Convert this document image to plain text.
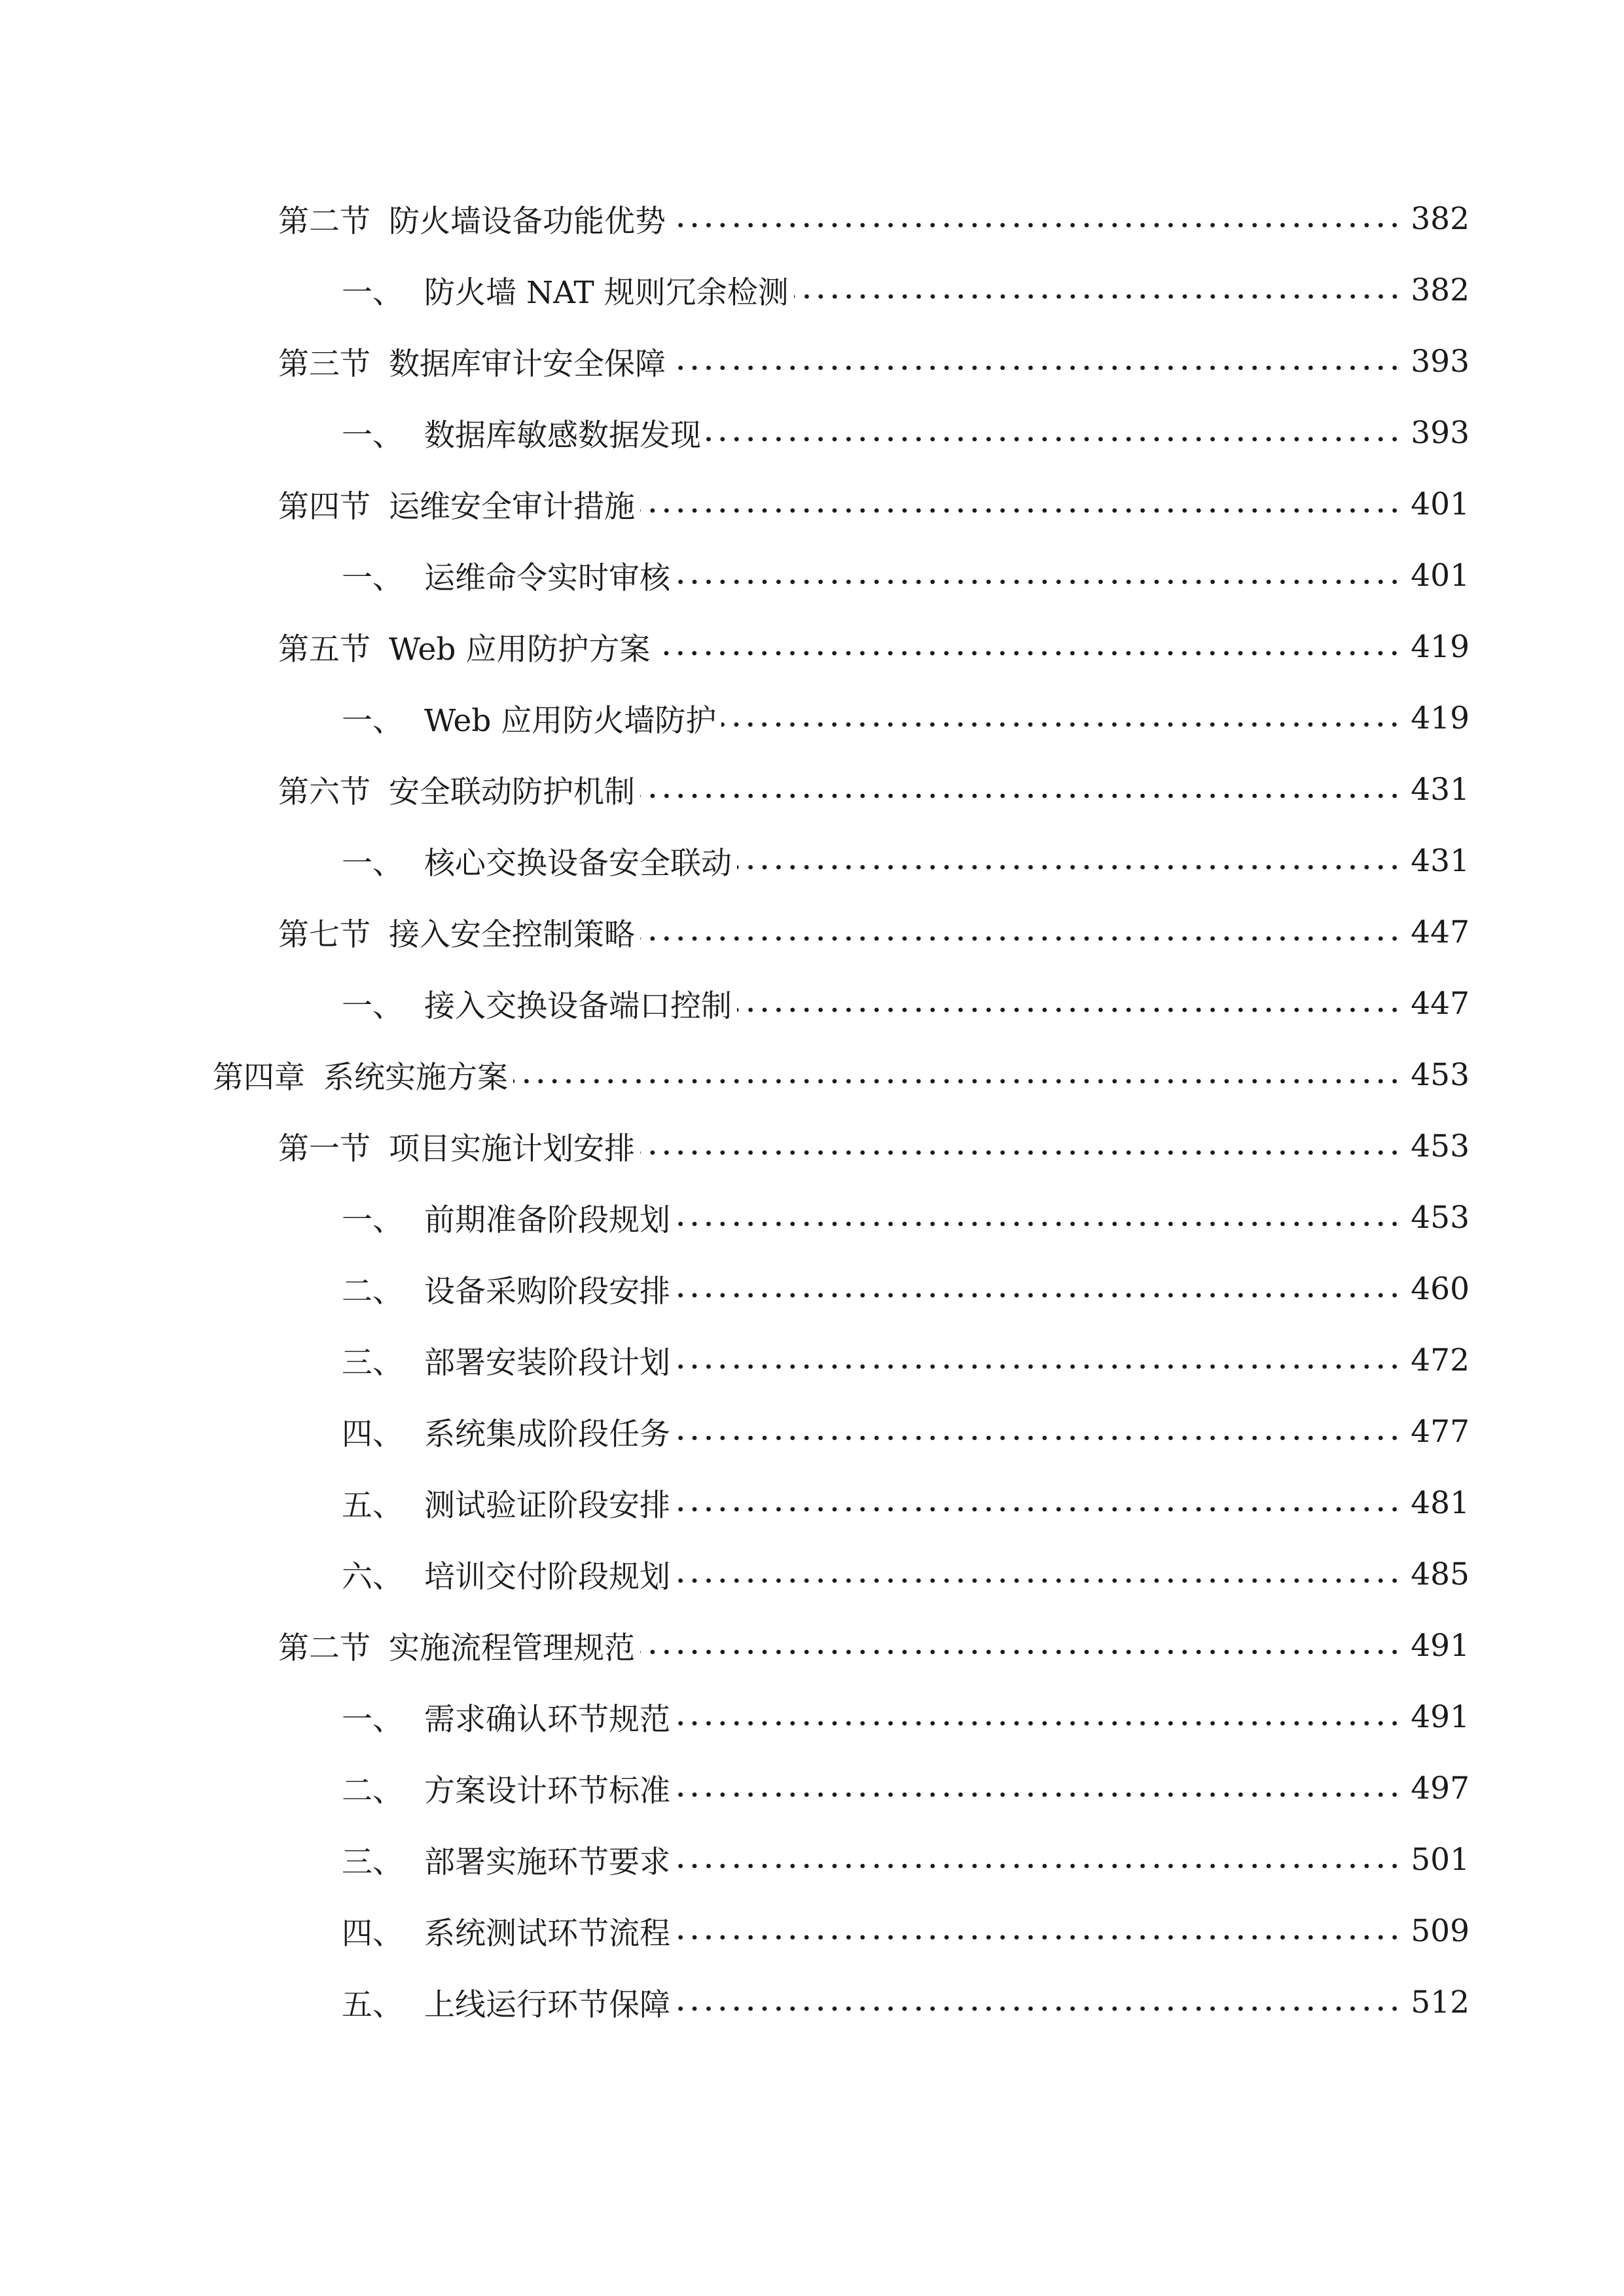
第二节 防火墙设备功能优势	382
一、 防火墙 NAT 规则冗余检测	382
第三节 数据库审计安全保障	393
一、 数据库敏感数据发现	393
第四节 运维安全审计措施	401
一、 运维命令实时审核	401
第五节 Web 应用防护方案	419
一、 Web 应用防火墙防护	419
第六节 安全联动防护机制	431
一、 核心交换设备安全联动	431
第七节 接入安全控制策略	447
一、 接入交换设备端口控制	447
第四章 系统实施方案	453
第一节 项目实施计划安排	453
一、 前期准备阶段规划	453
二、 设备采购阶段安排	460
三、 部署安装阶段计划	472
四、 系统集成阶段任务	477
五、 测试验证阶段安排	481
六、 培训交付阶段规划	485
第二节 实施流程管理规范	491
一、 需求确认环节规范	491
二、 方案设计环节标准	497
三、 部署实施环节要求	501
四、 系统测试环节流程	509
五、 上线运行环节保障	512
